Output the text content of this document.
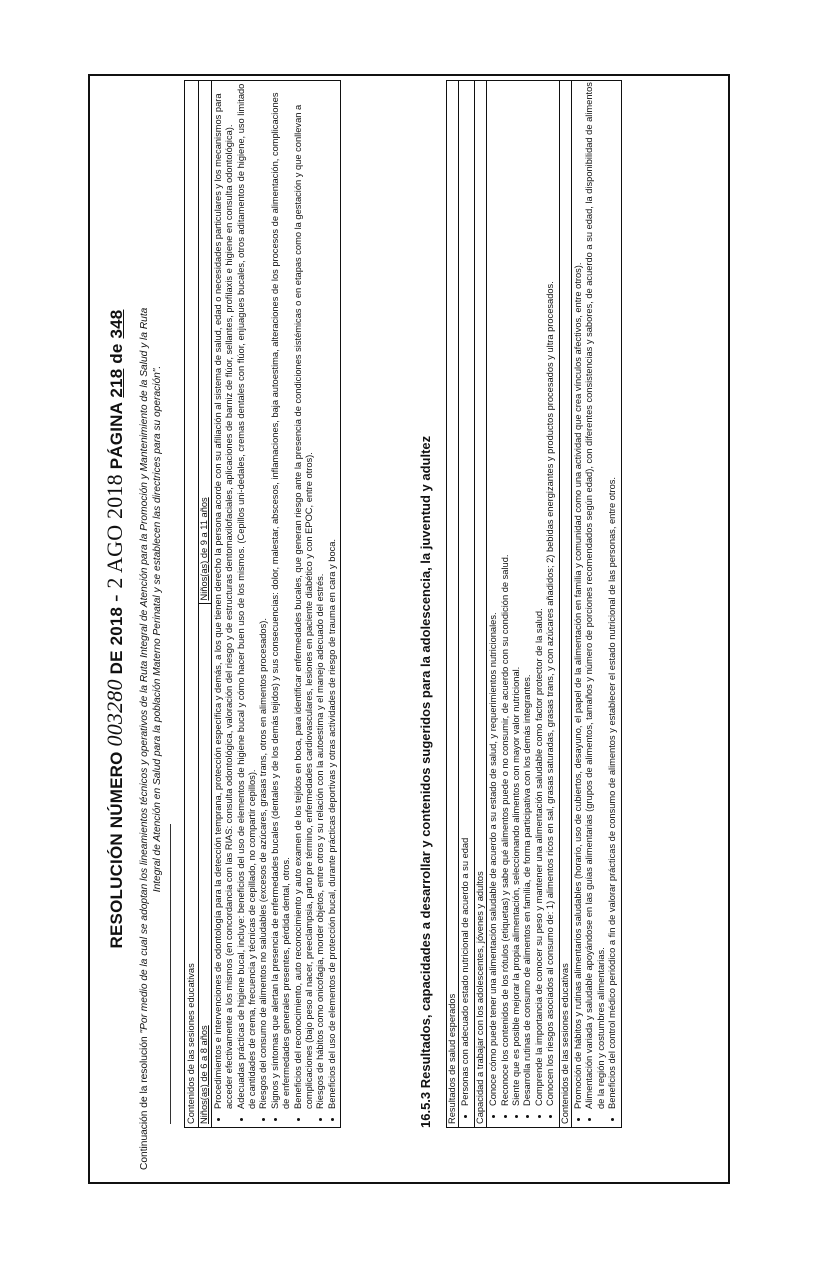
RESOLUCIÓN NÚMERO 003280 DE 2018 - 2 AGO 2018 PÁGINA 218 de 348
Continuación de la resolución "Por medio de la cual se adoptan los lineamientos técnicos y operativos de la Ruta Integral de Atención para la Promoción y Mantenimiento de la Salud y la Ruta Integral de Atención en Salud para la población Materno Perinatal y se establecen las directrices para su operación".
Contenidos de las sesiones educativas Niños(as) de 6 a 8 años
Niños(as) de 9 a 11 años • Procedimientos e intervenciones de odontología para la detección temprana, protección específica y demás, a los que tienen derecho la persona acorde con su afiliación al sistema de salud, edad o necesidades particulares y los mecanismos para acceder efectivamente a los mismos (en concordancia con las RIAS: consulta odontológica, valoración del riesgo y de estructuras dentomaxilofaciales, aplicaciones de barniz de flúor, sellantes, profilaxis e higiene en consulta odontológica). • Adecuadas prácticas de higiene bucal, incluye: beneficios del uso de elementos de higiene bucal y cómo hacer buen uso de los mismos. (Cepillos uni-dedales, cremas dentales con flúor, enjuagues bucales, otros aditamentos de higiene, uso limitado de cantidades de crema, frecuencia y técnicas de cepillado, no compartir cepillos). • Riesgos del consumo de alimentos no saludables (excesos de azúcares, grasas trans, otros en alimentos procesados). • Signos y síntomas que alertan la presencia de enfermedades bucales (dentales y de los demás tejidos) y sus consecuencias: dolor, malestar, abscesos, inflamaciones, baja autoestima, alteraciones de los procesos de alimentación, complicaciones de enfermedades generales presentes, pérdida dental, otros. • Beneficios del reconocimiento, auto reconocimiento y auto examen de los tejidos en boca, para identificar enfermedades bucales, que generan riesgo ante la presencia de condiciones sistémicas o en etapas como la gestación y que conllevan a complicaciones (bajo peso al nacer, preeclampsia, parto pre término, enfermedades cardiovasculares, lesiones en paciente diabético y con EPOC, entre otros). • Riesgos de hábitos como onicofagia, morder objetos, entre otros y su relación con la autoestima y el manejo adecuado del estrés. • Beneficios del uso de elementos de protección bucal, durante prácticas deportivas y otras actividades de riesgo de trauma en cara y boca.	16.5.3 Resultados, capacidades a desarrollar y contenidos sugeridos para la adolescencia, la juventud y adultez Resultados de salud esperados • Personas con adecuado estado nutricional de acuerdo a su edad Capacidad a trabajar con los adolescentes, jóvenes y adultos • Conoce cómo puede tener una alimentación saludable de acuerdo a su estado de salud, y requerimientos nutricionales. • Reconoce los contenidos de los rótulos (etiquetas) y sabe qué alimentos puede o no consumir, de acuerdo con su condición de salud. • Siente que es posible mejorar la propia alimentación, seleccionando alimentos con mayor valor nutricional. • Desarrolla rutinas de consumo de alimentos en familia, de forma participativa con los demás integrantes. • Comprende la importancia de conocer su peso y mantener una alimentación saludable como factor protector de la salud. • Conocen los riesgos asociados al consumo de: 1) alimentos ricos en sal, grasas saturadas, grasas trans, y con azúcares añadidos; 2) bebidas energizantes y productos procesados y ultra procesados. Contenidos de las sesiones educativas • Promoción de hábitos y rutinas alimentarios saludables (horario, uso de cubiertos, desayuno, el papel de la alimentación en familia y comunidad como una actividad que crea vínculos afectivos, entre otros). • Alimentación variada y saludable apoyándose en las guías alimentarias (grupos de alimentos, tamaños y número de porciones recomendados según edad), con diferentes consistencias y sabores, de acuerdo a su edad, la disponibilidad de alimentos de la región y costumbres alimentarias. • Beneficios del control médico periódico a fin de valorar prácticas de consumo de alimentos y establecer el estado nutricional de las personas, entre otros.
